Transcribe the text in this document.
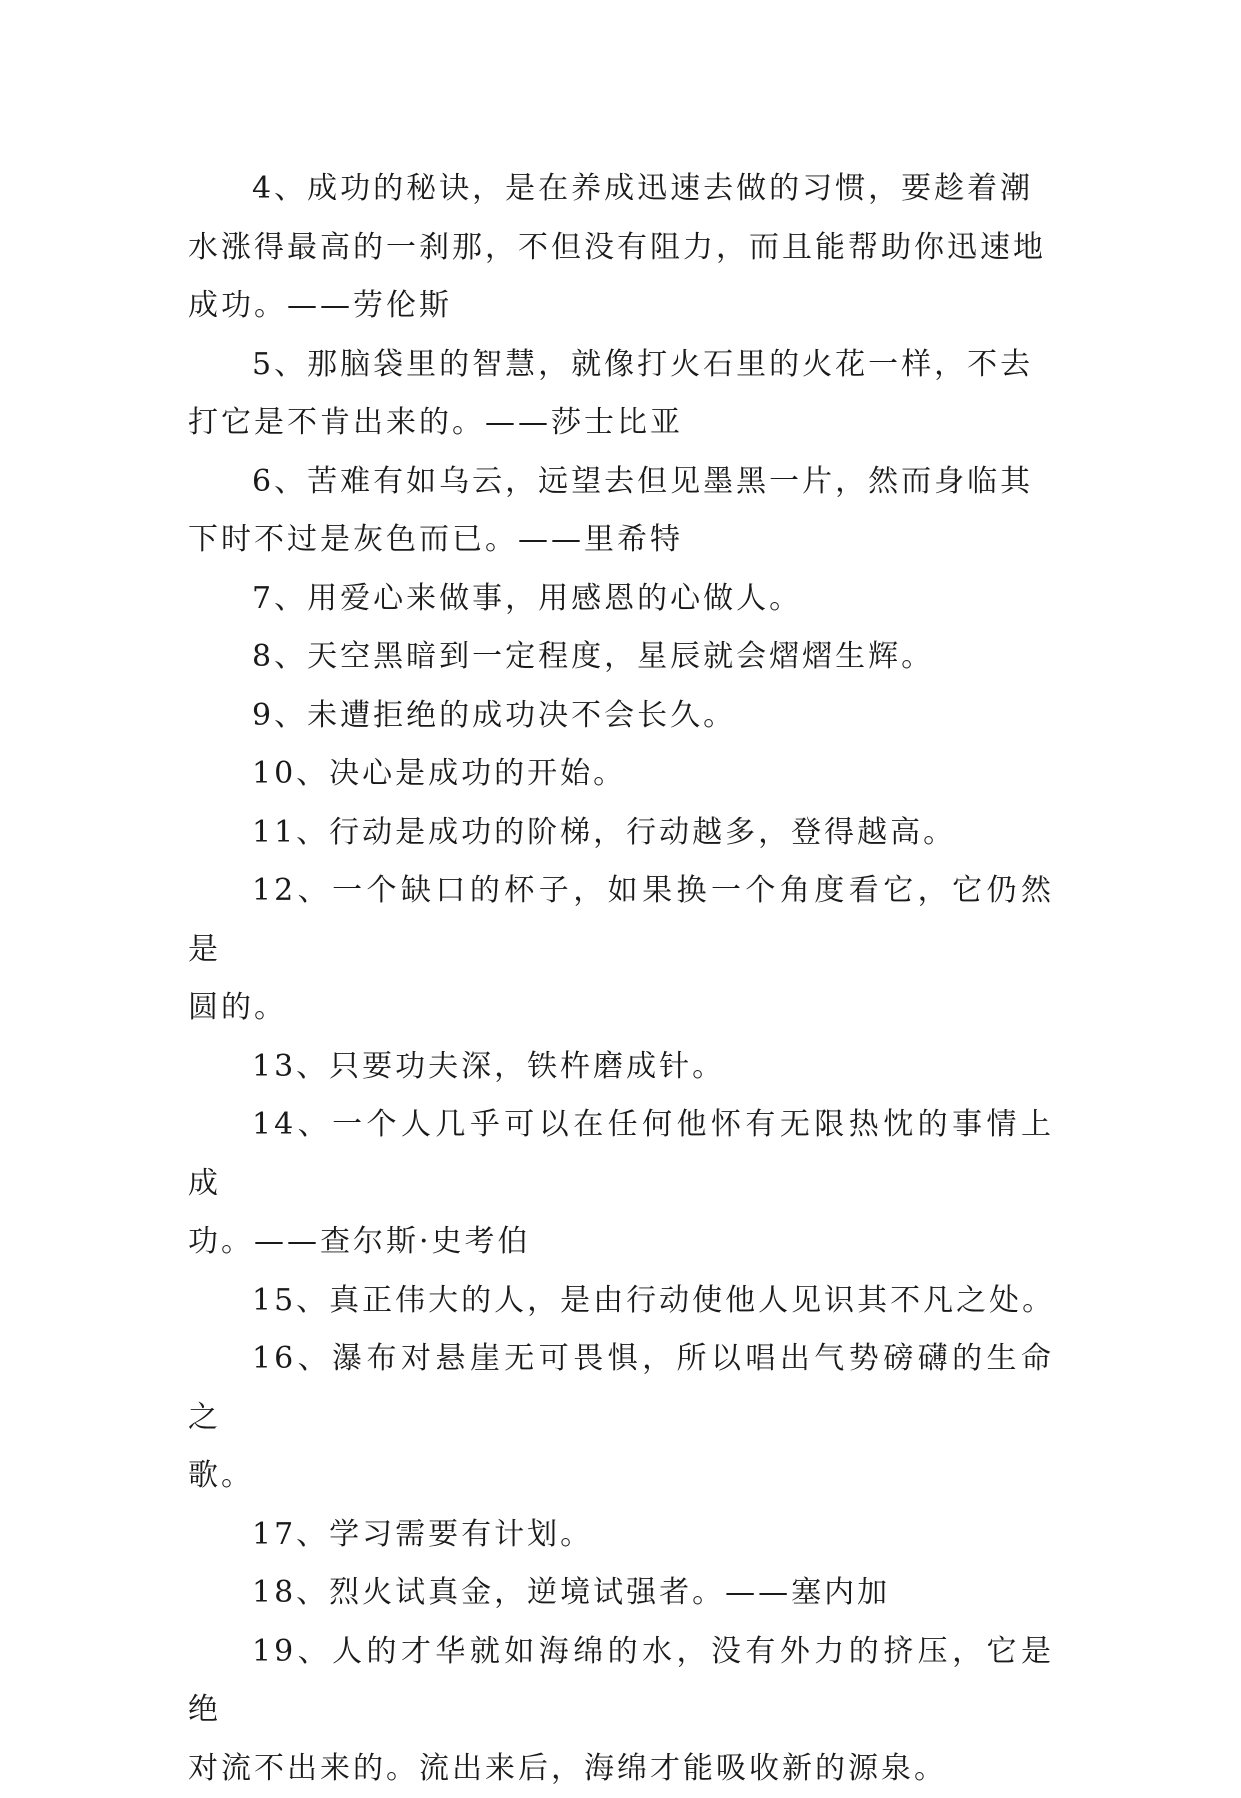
4、成功的秘诀，是在养成迅速去做的习惯，要趁着潮
水涨得最高的一刹那，不但没有阻力，而且能帮助你迅速地
成功。——劳伦斯
5、那脑袋里的智慧，就像打火石里的火花一样，不去
打它是不肯出来的。——莎士比亚
6、苦难有如乌云，远望去但见墨黑一片，然而身临其
下时不过是灰色而已。——里希特
7、用爱心来做事，用感恩的心做人。
8、天空黑暗到一定程度，星辰就会熠熠生辉。
9、未遭拒绝的成功决不会长久。
10、决心是成功的开始。
11、行动是成功的阶梯，行动越多，登得越高。
12、一个缺口的杯子，如果换一个角度看它，它仍然是
圆的。
13、只要功夫深，铁杵磨成针。
14、一个人几乎可以在任何他怀有无限热忱的事情上成
功。——查尔斯·史考伯
15、真正伟大的人，是由行动使他人见识其不凡之处。
16、瀑布对悬崖无可畏惧，所以唱出气势磅礴的生命之
歌。
17、学习需要有计划。
18、烈火试真金，逆境试强者。——塞内加
19、人的才华就如海绵的水，没有外力的挤压，它是绝
对流不出来的。流出来后，海绵才能吸收新的源泉。
